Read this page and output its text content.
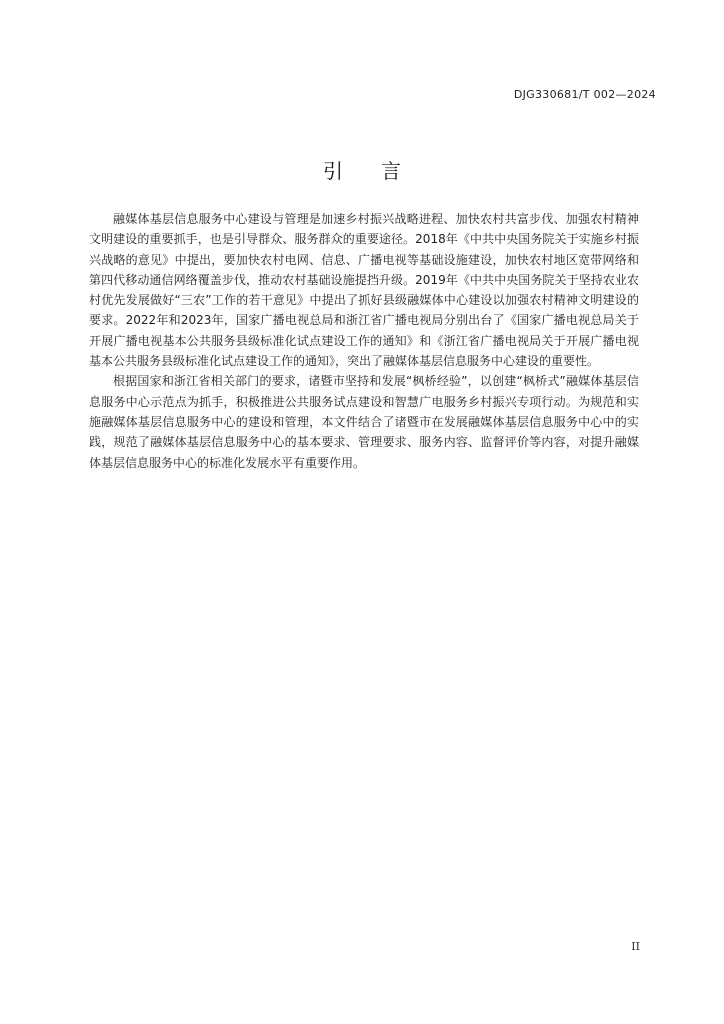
DJG330681/T 002—2024
引言

融媒体基层信息服务中心建设与管理是加速乡村振兴战略进程、加快农村共富步伐、加强农村精神文明建设的重要抓手，也是引导群众、服务群众的重要途径。2018年《中共中央国务院关于实施乡村振兴战略的意见》中提出，要加快农村电网、信息、广播电视等基础设施建设，加快农村地区宽带网络和第四代移动通信网络覆盖步伐，推动农村基础设施提挡升级。2019年《中共中央国务院关于坚持农业农村优先发展做好“三农”工作的若干意见》中提出了抓好县级融媒体中心建设以加强农村精神文明建设的要求。2022年和2023年，国家广播电视总局和浙江省广播电视局分别出台了《国家广播电视总局关于开展广播电视基本公共服务县级标准化试点建设工作的通知》和《浙江省广播电视局关于开展广播电视基本公共服务县级标准化试点建设工作的通知》，突出了融媒体基层信息服务中心建设的重要性。

根据国家和浙江省相关部门的要求，诸暨市坚持和发展“枫桥经验”，以创建“枫桥式”融媒体基层信息服务中心示范点为抓手，积极推进公共服务试点建设和智慧广电服务乡村振兴专项行动。为规范和实施融媒体基层信息服务中心的建设和管理，本文件结合了诸暨市在发展融媒体基层信息服务中心中的实践，规范了融媒体基层信息服务中心的基本要求、管理要求、服务内容、监督评价等内容，对提升融媒体基层信息服务中心的标准化发展水平有重要作用。

II
